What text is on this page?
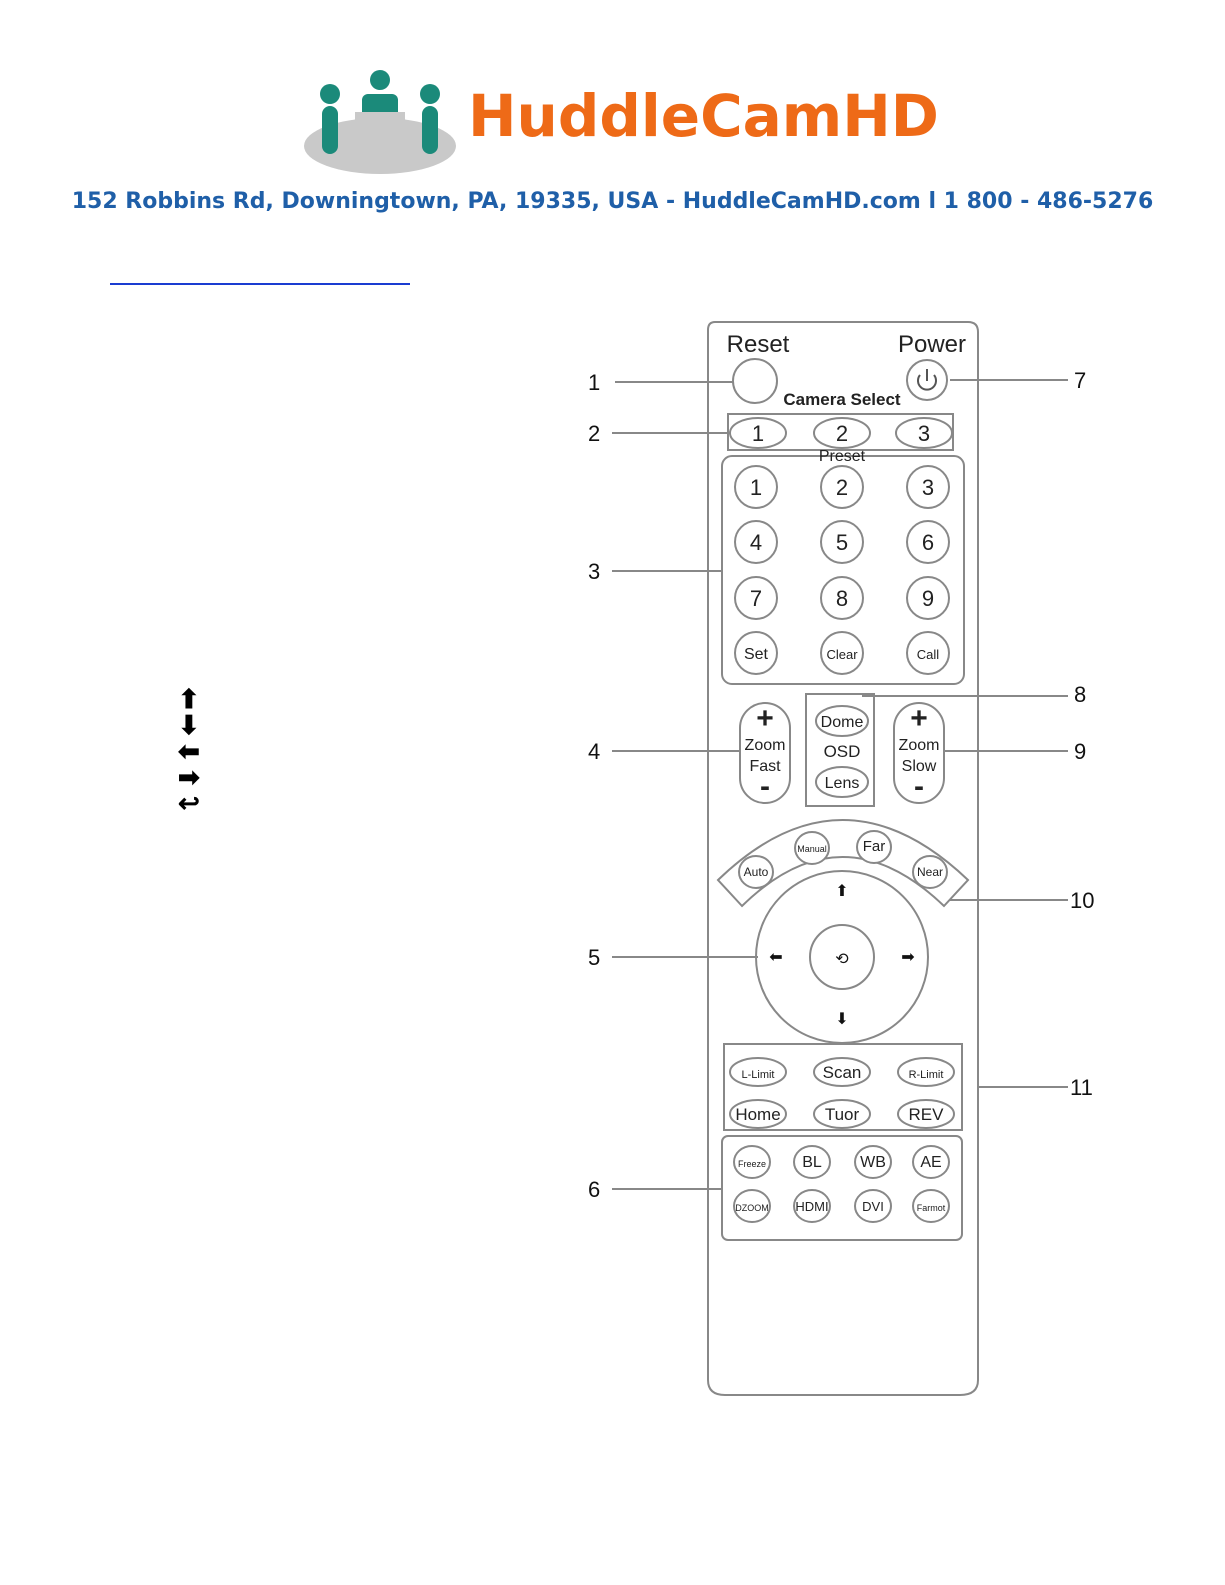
HuddleCamHD
152 Robbins Rd, Downingtown, PA, 19335, USA - HuddleCamHD.com l 1 800 - 486-5276
⬆
⬇
⬅
➡
↩
1
2
3
4
5
6
7
8
9
10
11
Reset	Power
Camera Select
1	2	3
Preset
1	2	3
4	5	6
7	8	9
Set	Clear	Call
+
Zoom
Fast
-
+
Zoom
Slow
-
Dome
OSD
Lens
Auto
Manual Far
Near
⬆
⬇
⬅	➡
⟲
L-Limit	Scan	R-Limit
Home	Tuor	REV
Freeze BL WB AE
DZOOM HDMI	DVI	Farmot
